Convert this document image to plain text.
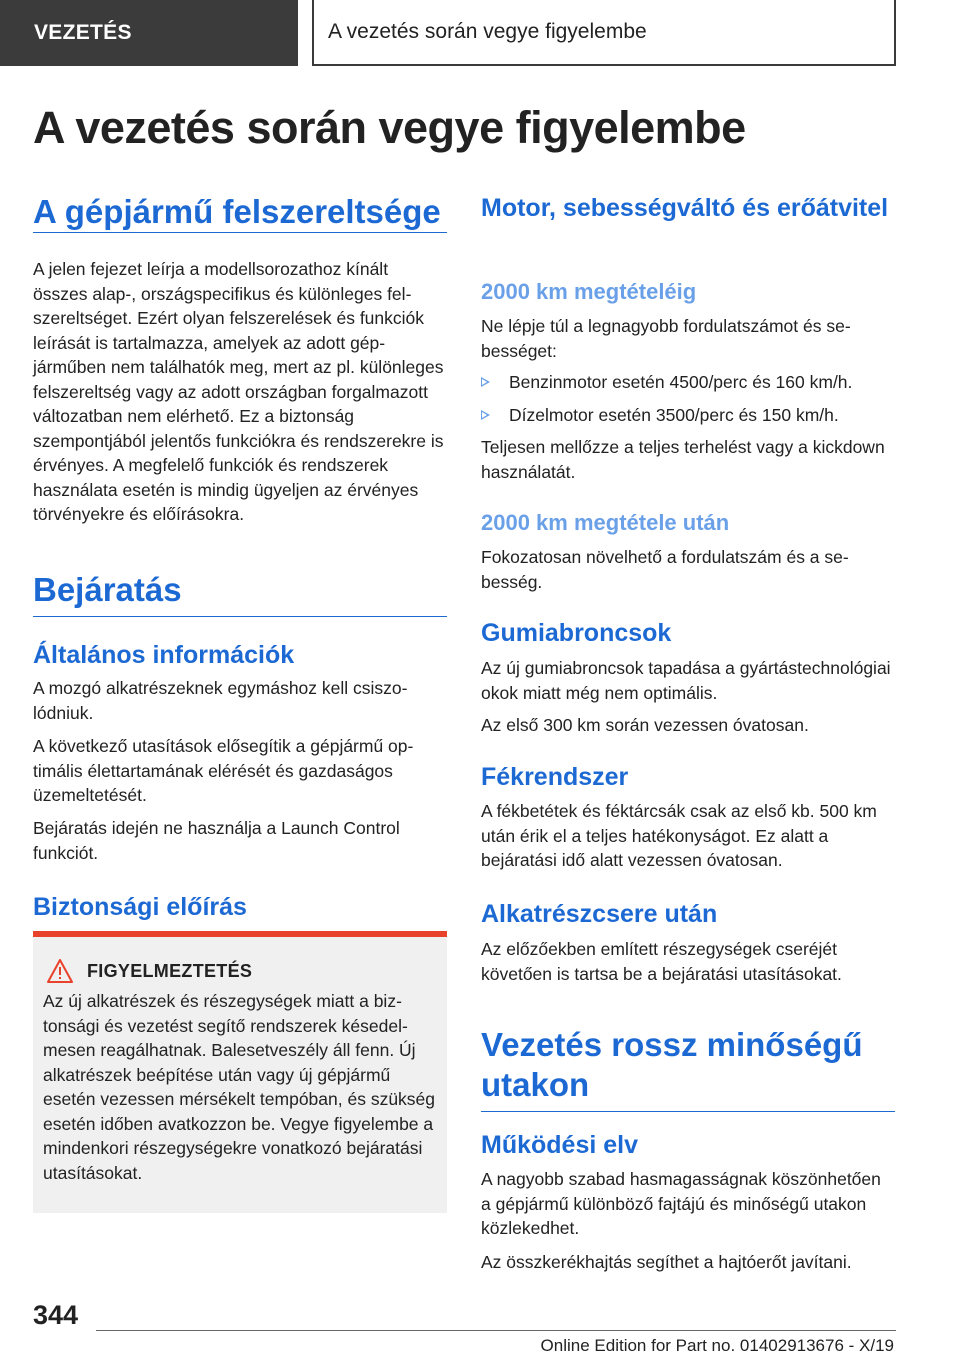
VEZETÉS	A vezetés során vegye figyelembe
A vezetés során vegye figyelembe
A gépjármű felszereltsége
A jelen fejezet leírja a modellsorozathoz kínált összes alap-, országspecifikus és különleges felszereltséget. Ezért olyan felszerelések és funkciók leírását is tartalmazza, amelyek az adott gépjárműben nem találhatók meg, mert az pl. különleges felszereltség vagy az adott országban forgalmazott változatban nem elérhető. Ez a biztonság szempontjából jelentős funkciókra és rendszerekre is érvényes. A megfelelő funkciók és rendszerek használata esetén is mindig ügyeljen az érvényes törvényekre és előírásokra.
Bejáratás
Általános információk
A mozgó alkatrészeknek egymáshoz kell csiszolódniuk.
A következő utasítások elősegítik a gépjármű optimális élettartamának elérését és gazdaságos üzemeltetését.
Bejáratás idején ne használja a Launch Control funkciót.
Biztonsági előírás
FIGYELMEZTETÉS
Az új alkatrészek és részegységek miatt a biztonsági és vezetést segítő rendszerek késedelmesen reagálhatnak. Balesetveszély áll fenn. Új alkatrészek beépítése után vagy új gépjármű esetén vezessen mérsékelt tempóban, és szükség esetén időben avatkozzon be. Vegye figyelembe a mindenkori részegységekre vonatkozó bejáratási utasításokat.
Motor, sebességváltó és erőátvitel
2000 km megtételéig
Ne lépje túl a legnagyobb fordulatszámot és sebességet:
Benzinmotor esetén 4500/perc és 160 km/h.
Dízelmotor esetén 3500/perc és 150 km/h.
Teljesen mellőzze a teljes terhelést vagy a kickdown használatát.
2000 km megtétele után
Fokozatosan növelhető a fordulatszám és a sebesség.
Gumiabroncsok
Az új gumiabroncsok tapadása a gyártástechnológiai okok miatt még nem optimális.
Az első 300 km során vezessen óvatosan.
Fékrendszer
A fékbetétek és féktárcsák csak az első kb. 500 km után érik el a teljes hatékonyságot. Ez alatt a bejáratási idő alatt vezessen óvatosan.
Alkatrészcsere után
Az előzőekben említett részegységek cseréjét követően is tartsa be a bejáratási utasításokat.
Vezetés rossz minőségű utakon
Működési elv
A nagyobb szabad hasmagasságnak köszönhetően a gépjármű különböző fajtájú és minőségű utakon közlekedhet.
Az összkerékhajtás segíthet a hajtóerőt javítani.
344
Online Edition for Part no. 01402913676 - X/19
